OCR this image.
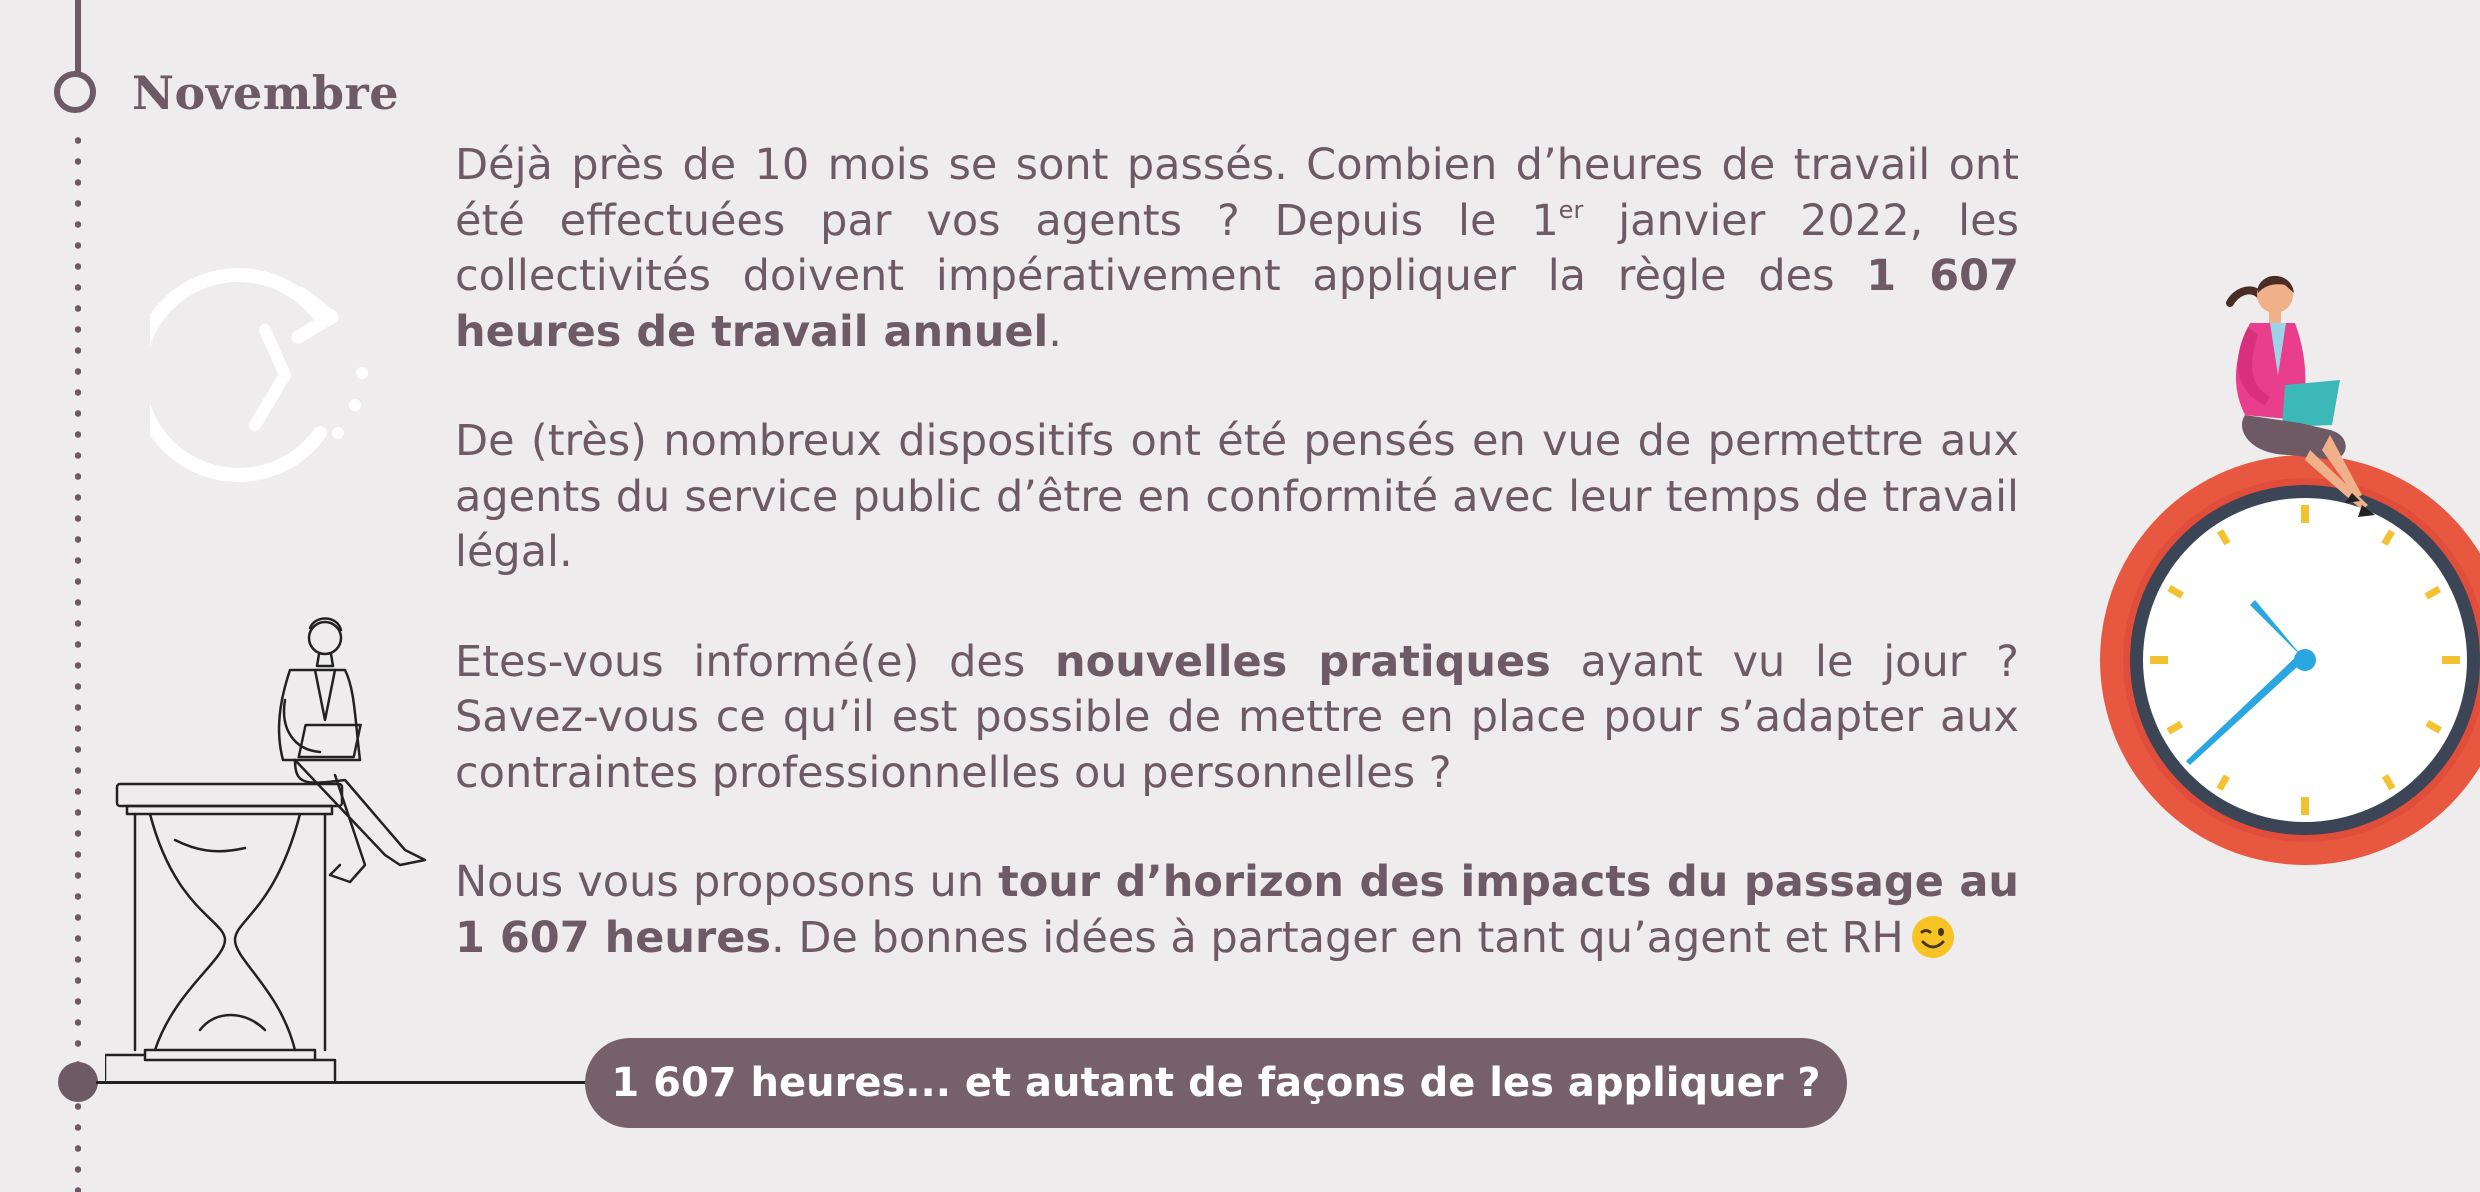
Novembre

Déjà près de 10 mois se sont passés. Combien d’heures de travail ont été effectuées par vos agents ? Depuis le 1er janvier 2022, les collectivités doivent impérativement appliquer la règle des 1 607 heures de travail annuel.

De (très) nombreux dispositifs ont été pensés en vue de permettre aux agents du service public d’être en conformité avec leur temps de travail légal.

Etes-vous informé(e) des nouvelles pratiques ayant vu le jour ? Savez-vous ce qu’il est possible de mettre en place pour s’adapter aux contraintes professionnelles ou personnelles ?

Nous vous proposons un tour d’horizon des impacts du passage au 1 607 heures. De bonnes idées à partager en tant qu’agent et RH

1 607 heures... et autant de façons de les appliquer ?
